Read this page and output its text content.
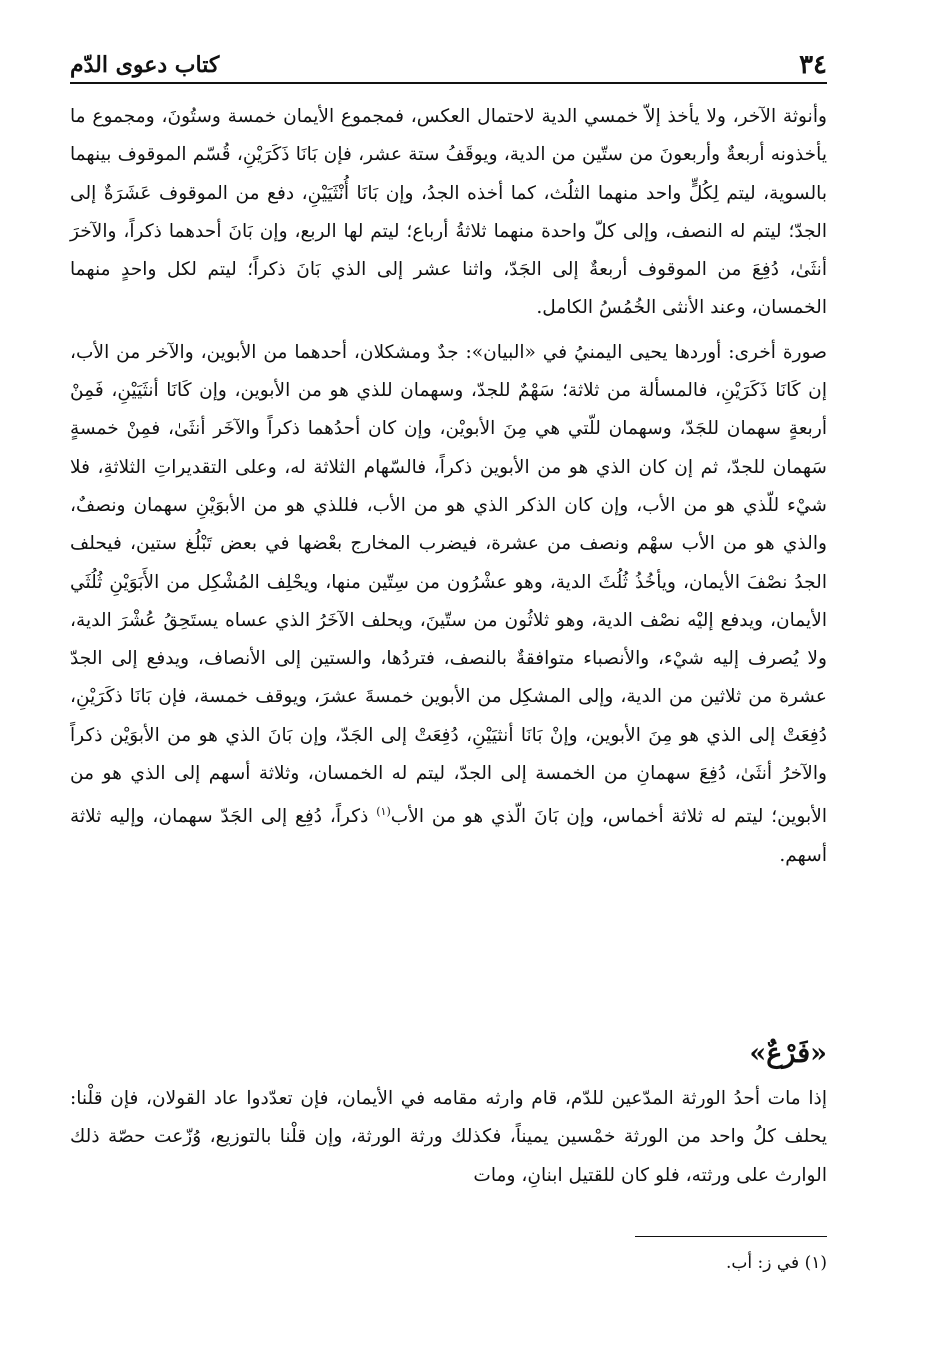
٣٤
كتاب دعوى الدّم

وأنوثة الآخر، ولا يأخذ إلاّ خمسي الدية لاحتمال العكس، فمجموع الأيمان خمسة وستُونَ، ومجموع ما يأخذونه أربعةٌ وأربعونَ من ستّين من الدية، ويوقَفُ ستة عشر، فإن بَانَا ذَكَرَيْنِ، قُسّم الموقوف بينهما بالسوية، ليتم لِكُلٍّ واحد منهما الثلُث، كما أخذه الجدُ، وإن بَانَا أُنْثَيَيْنِ، دفع من الموقوف عَشَرَةٌ إلى الجدّ؛ ليتم له النصف، وإلى كلّ واحدة منهما ثلاثةُ أرباع؛ ليتم لها الربع، وإن بَانَ أحدهما ذكراً، والآخرَ أنثَىٰ، دُفِعَ من الموقوف أربعةٌ إلى الجَدّ، واثنا عشر إلى الذي بَانَ ذكراً؛ ليتم لكل واحدٍ منهما الخمسان، وعند الأنثى الخُمُسُ الكامل.

صورة أخرى: أوردها يحيى اليمنيُ في «البيان»: جدٌ ومشكلان، أحدهما من الأبوين، والآخر من الأب، إن كَانَا ذَكَرَيْنِ، فالمسألة من ثلاثة؛ سَهْمٌ للجدّ، وسهمان للذي هو من الأبوين، وإن كَانَا أنثَيَيْنِ، فَمِنْ أربعةٍ سهمان للجَدّ، وسهمان للّتي هي مِنَ الأبويْن، وإن كان أحدُهما ذكراً والآخَر أنثَىٰ، فمِنْ خمسةٍ سَهمان للجدّ، ثم إن كان الذي هو من الأبوين ذكراً، فالسّهام الثلاثة له، وعلى التقديراتِ الثلاثةِ، فلا شيْء للّذي هو من الأب، وإن كان الذكر الذي هو من الأب، فللذي هو من الأبوَيْنِ سهمان ونصفٌ، والذي هو من الأب سهْم ونصف من عشرة، فيضرب المخارج بعْضها في بعض تَبْلُغ ستين، فيحلف الجدُ نصْفَ الأيمان، ويأخُذُ ثُلُثَ الدية، وهو عشْرُون من سِتّين منها، ويحْلِف المُشْكِل من الأَبَوَيْنِ ثُلُثَي الأيمان، ويدفع إليْه نصْف الدية، وهو ثلاثُون من ستّينَ، ويحلف الآخَرُ الذي عساه يستَحِقُ عُشْرَ الدية، ولا يُصرف إليه شيْء، والأنصباء متوافقةٌ بالنصف، فتردُها، والستين إلى الأنصاف، ويدفع إلى الجدّ عشرة من ثلاثين من الدية، وإلى المشكِل من الأبوين خمسةَ عشرَ، ويوقف خمسة، فإن بَانَا ذكَرَيْنِ، دُفِعَتْ إلى الذي هو مِنَ الأبوين، وإنْ بَانَا أنثيَيْنِ، دُفِعَتْ إلى الجَدّ، وإن بَانَ الذي هو من الأبوَيْن ذكراً والآخرُ أنثَىٰ، دُفِعَ سهمانِ من الخمسة إلى الجدّ، ليتم له الخمسان، وثلاثة أسهم إلى الذي هو من الأبوين؛ ليتم له ثلاثة أخماس، وإن بَانَ الّذي هو من الأب$^{(١)}$ ذكراً، دُفِع إلى الجَدّ سهمان، وإليه ثلاثة أسهم.

«فَرْعٌ»

إذا مات أحدُ الورثة المدّعين للدّم، قام وارثه مقامه في الأيمان، فإن تعدّدوا عاد القولان، فإن قلْنا: يحلف كلُ واحد من الورثة خمْسين يميناً، فكذلك ورثة الورثة، وإن قلْنا بالتوزيع، وُزّعت حصّة ذلك الوارث على ورثته، فلو كان للقتيل ابنانِ، ومات

(١) في ز: أب.
